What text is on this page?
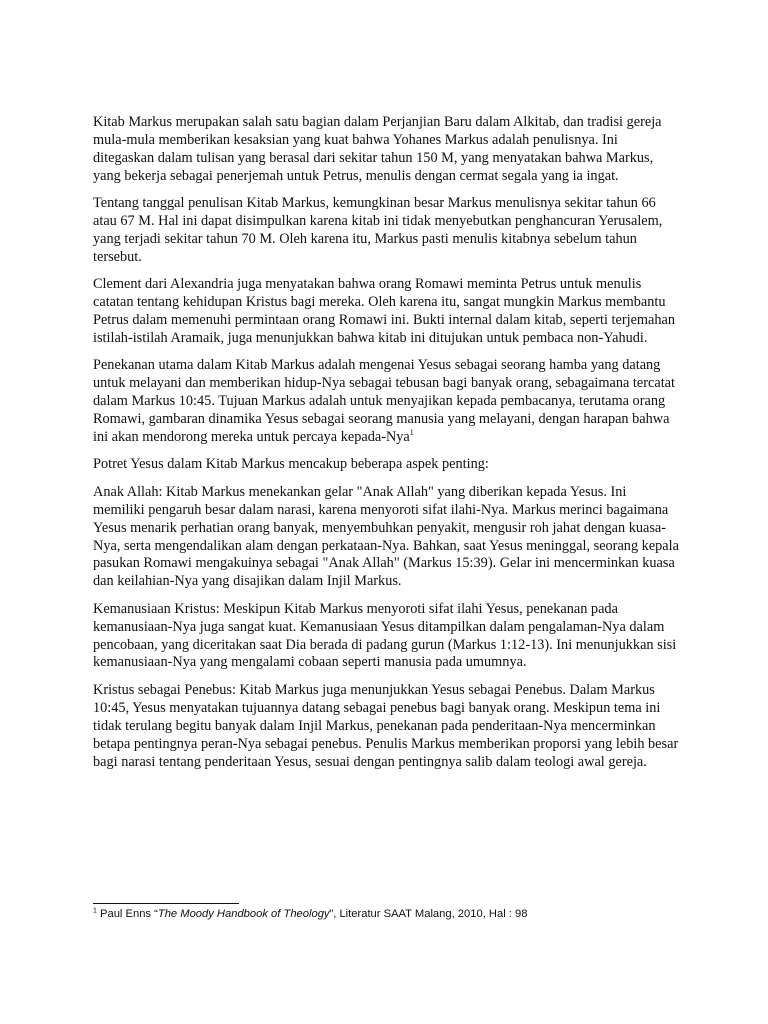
Kitab Markus merupakan salah satu bagian dalam Perjanjian Baru dalam Alkitab, dan tradisi gereja mula-mula memberikan kesaksian yang kuat bahwa Yohanes Markus adalah penulisnya. Ini ditegaskan dalam tulisan yang berasal dari sekitar tahun 150 M, yang menyatakan bahwa Markus, yang bekerja sebagai penerjemah untuk Petrus, menulis dengan cermat segala yang ia ingat.

Tentang tanggal penulisan Kitab Markus, kemungkinan besar Markus menulisnya sekitar tahun 66 atau 67 M. Hal ini dapat disimpulkan karena kitab ini tidak menyebutkan penghancuran Yerusalem, yang terjadi sekitar tahun 70 M. Oleh karena itu, Markus pasti menulis kitabnya sebelum tahun tersebut.

Clement dari Alexandria juga menyatakan bahwa orang Romawi meminta Petrus untuk menulis catatan tentang kehidupan Kristus bagi mereka. Oleh karena itu, sangat mungkin Markus membantu Petrus dalam memenuhi permintaan orang Romawi ini. Bukti internal dalam kitab, seperti terjemahan istilah-istilah Aramaik, juga menunjukkan bahwa kitab ini ditujukan untuk pembaca non-Yahudi.

Penekanan utama dalam Kitab Markus adalah mengenai Yesus sebagai seorang hamba yang datang untuk melayani dan memberikan hidup-Nya sebagai tebusan bagi banyak orang, sebagaimana tercatat dalam Markus 10:45. Tujuan Markus adalah untuk menyajikan kepada pembacanya, terutama orang Romawi, gambaran dinamika Yesus sebagai seorang manusia yang melayani, dengan harapan bahwa ini akan mendorong mereka untuk percaya kepada-Nya$^1$

Potret Yesus dalam Kitab Markus mencakup beberapa aspek penting:

Anak Allah: Kitab Markus menekankan gelar "Anak Allah" yang diberikan kepada Yesus. Ini memiliki pengaruh besar dalam narasi, karena menyoroti sifat ilahi-Nya. Markus merinci bagaimana Yesus menarik perhatian orang banyak, menyembuhkan penyakit, mengusir roh jahat dengan kuasa-Nya, serta mengendalikan alam dengan perkataan-Nya. Bahkan, saat Yesus meninggal, seorang kepala pasukan Romawi mengakuinya sebagai "Anak Allah" (Markus 15:39). Gelar ini mencerminkan kuasa dan keilahian-Nya yang disajikan dalam Injil Markus.

Kemanusiaan Kristus: Meskipun Kitab Markus menyoroti sifat ilahi Yesus, penekanan pada kemanusiaan-Nya juga sangat kuat. Kemanusiaan Yesus ditampilkan dalam pengalaman-Nya dalam pencobaan, yang diceritakan saat Dia berada di padang gurun (Markus 1:12-13). Ini menunjukkan sisi kemanusiaan-Nya yang mengalami cobaan seperti manusia pada umumnya.

Kristus sebagai Penebus: Kitab Markus juga menunjukkan Yesus sebagai Penebus. Dalam Markus 10:45, Yesus menyatakan tujuannya datang sebagai penebus bagi banyak orang. Meskipun tema ini tidak terulang begitu banyak dalam Injil Markus, penekanan pada penderitaan-Nya mencerminkan betapa pentingnya peran-Nya sebagai penebus. Penulis Markus memberikan proporsi yang lebih besar bagi narasi tentang penderitaan Yesus, sesuai dengan pentingnya salib dalam teologi awal gereja.

$^1$ Paul Enns “The Moody Handbook of Theology”, Literatur SAAT Malang, 2010, Hal : 98
